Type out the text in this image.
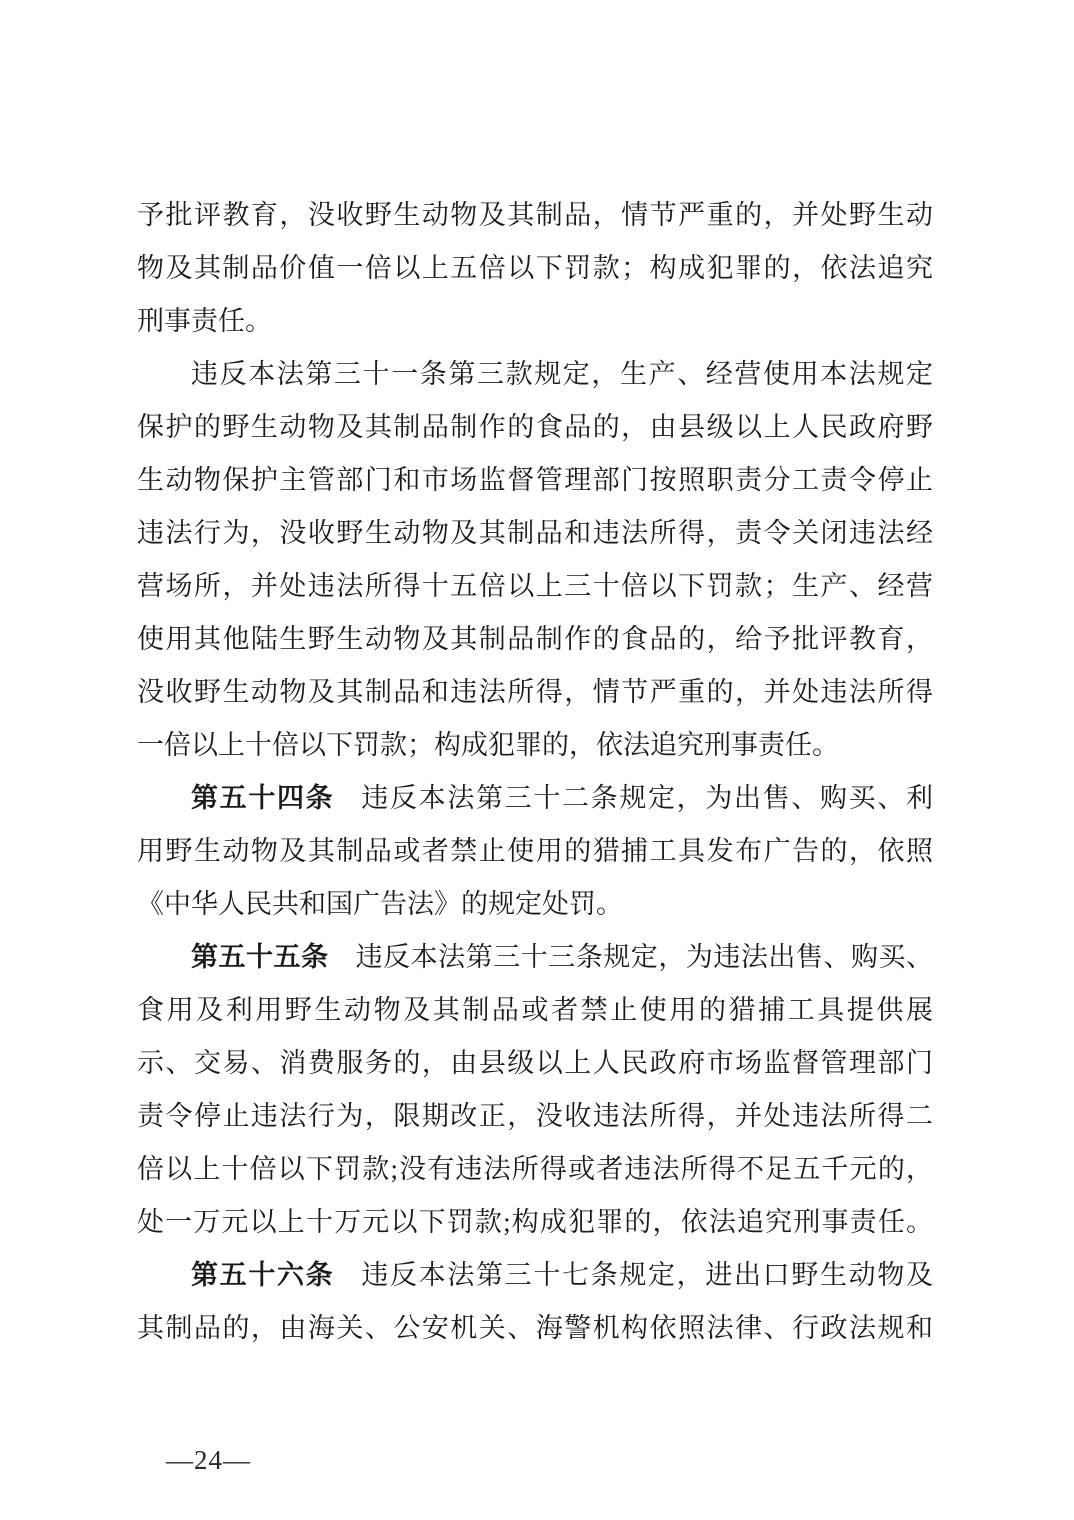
予批评教育，没收野生动物及其制品，情节严重的，并处野生动
物及其制品价值一倍以上五倍以下罚款；构成犯罪的，依法追究
刑事责任。
违反本法第三十一条第三款规定，生产、经营使用本法规定
保护的野生动物及其制品制作的食品的，由县级以上人民政府野
生动物保护主管部门和市场监督管理部门按照职责分工责令停止
违法行为，没收野生动物及其制品和违法所得，责令关闭违法经
营场所，并处违法所得十五倍以上三十倍以下罚款；生产、经营
使用其他陆生野生动物及其制品制作的食品的，给予批评教育，
没收野生动物及其制品和违法所得，情节严重的，并处违法所得
一倍以上十倍以下罚款；构成犯罪的，依法追究刑事责任。
第五十四条 违反本法第三十二条规定，为出售、购买、利
用野生动物及其制品或者禁止使用的猎捕工具发布广告的，依照
《中华人民共和国广告法》的规定处罚。
第五十五条 违反本法第三十三条规定，为违法出售、购买、
食用及利用野生动物及其制品或者禁止使用的猎捕工具提供展
示、交易、消费服务的，由县级以上人民政府市场监督管理部门
责令停止违法行为，限期改正，没收违法所得，并处违法所得二
倍以上十倍以下罚款;没有违法所得或者违法所得不足五千元的，
处一万元以上十万元以下罚款;构成犯罪的，依法追究刑事责任。
第五十六条 违反本法第三十七条规定，进出口野生动物及
其制品的，由海关、公安机关、海警机构依照法律、行政法规和
—24—
